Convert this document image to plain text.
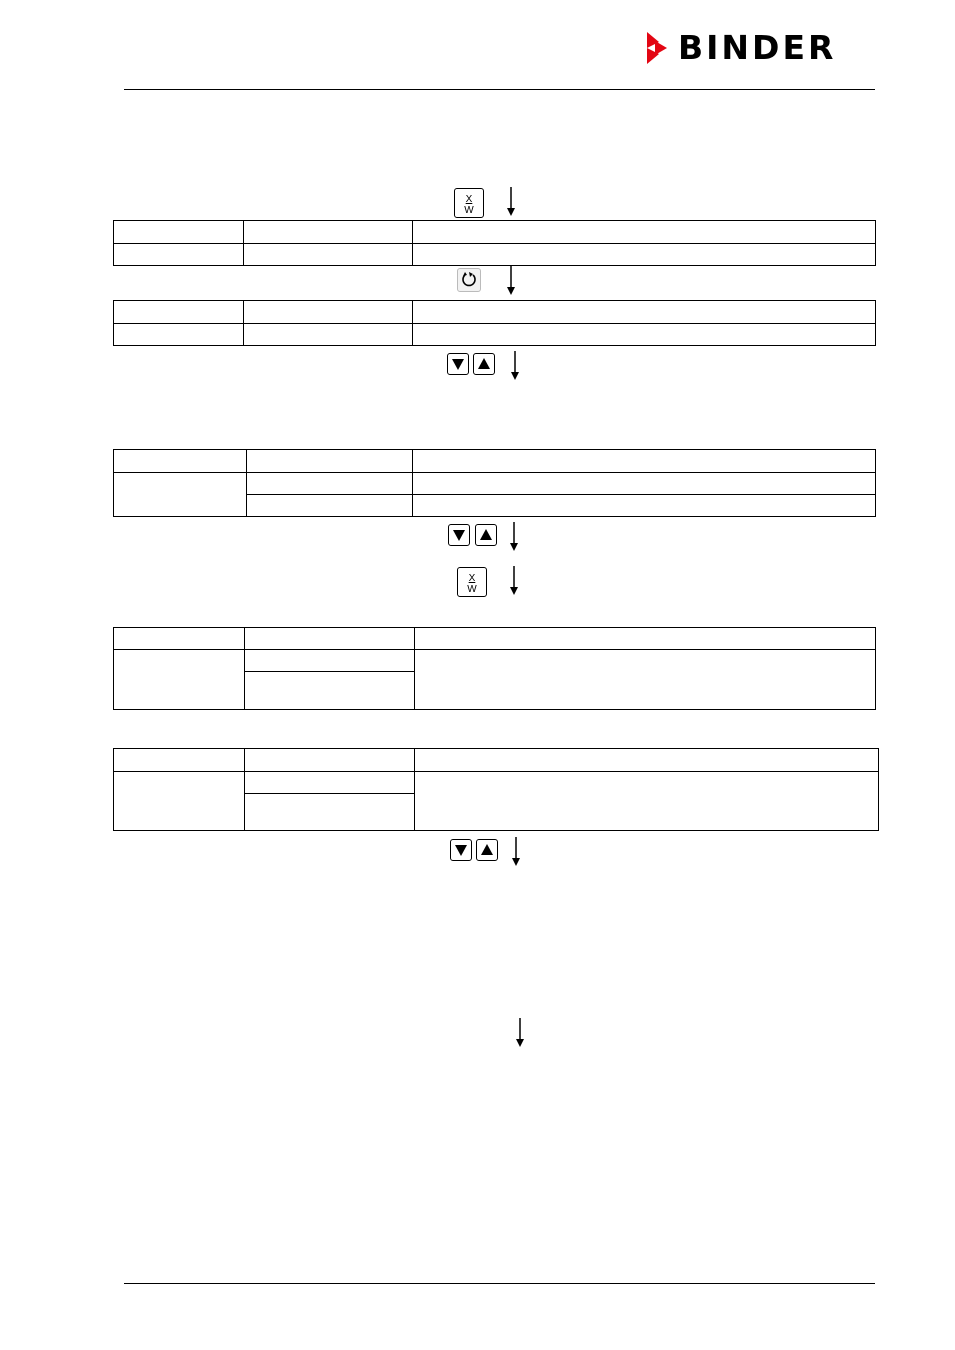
BINDER
X
W

X
W
